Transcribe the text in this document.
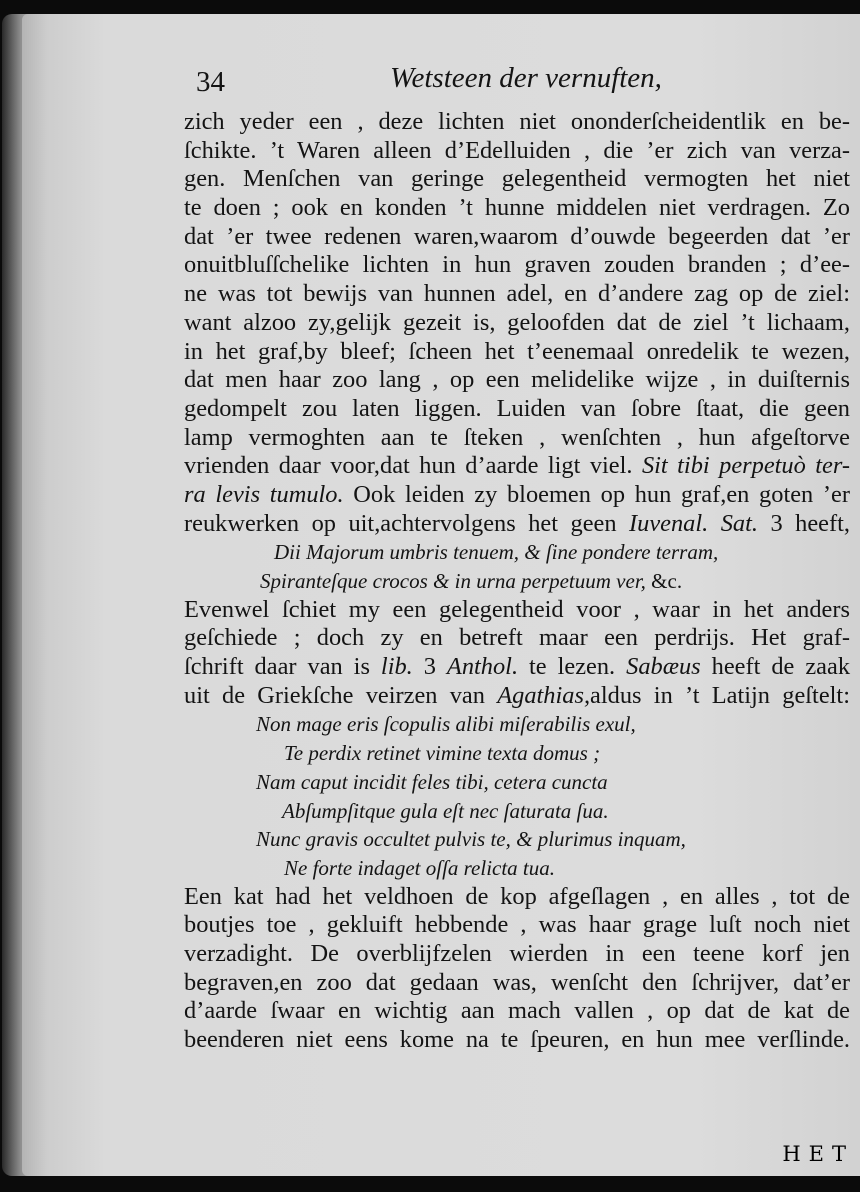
34	Wetsteen der vernuften,
zich yeder een , deze lichten niet ononderſcheidentlik en be-
ſchikte. ’t Waren alleen d’Edelluiden , die ’er zich van verza-
gen. Menſchen van geringe gelegentheid vermogten het niet
te doen ; ook en konden ’t hunne middelen niet verdragen. Zo
dat ’er twee redenen waren,waarom d’ouwde begeerden dat ’er
onuitbluſſchelike lichten in hun graven zouden branden ; d’ee-
ne was tot bewijs van hunnen adel, en d’andere zag op de ziel:
want alzoo zy,gelijk gezeit is, geloofden dat de ziel ’t lichaam,
in het graf,by bleef; ſcheen het t’eenemaal onredelik te wezen,
dat men haar zoo lang , op een melidelike wijze , in duiſternis
gedompelt zou laten liggen. Luiden van ſobre ſtaat, die geen
lamp vermoghten aan te ſteken , wenſchten , hun afgeſtorve
vrienden daar voor,dat hun d’aarde ligt viel. Sit tibi perpetuò ter-
ra levis tumulo. Ook leiden zy bloemen op hun graf,en goten ’er
reukwerken op uit,achtervolgens het geen Iuvenal. Sat. 3 heeft,
Dii Majorum umbris tenuem, & ſine pondere terram,
Spiranteſque crocos & in urna perpetuum ver, &c.
Evenwel ſchiet my een gelegentheid voor , waar in het anders
geſchiede ; doch zy en betreft maar een perdrijs. Het graf-
ſchrift daar van is lib. 3 Anthol. te lezen. Sabæus heeft de zaak
uit de Griekſche veirzen van Agathias,aldus in ’t Latijn geſtelt:
Non mage eris ſcopulis alibi miſerabilis exul,
Te perdix retinet vimine texta domus ;
Nam caput incidit feles tibi, cetera cuncta
Abſumpſitque gula eſt nec ſaturata ſua.
Nunc gravis occultet pulvis te, & plurimus inquam,
Ne forte indaget oſſa relicta tua.
Een kat had het veldhoen de kop afgeſlagen , en alles , tot de
boutjes toe , gekluift hebbende , was haar grage luſt noch niet
verzadight. De overblijfzelen wierden in een teene korf jen
begraven,en zoo dat gedaan was, wenſcht den ſchrijver, dat’er
d’aarde ſwaar en wichtig aan mach vallen , op dat de kat de
beenderen niet eens kome na te ſpeuren, en hun mee verſlinde.
HET
